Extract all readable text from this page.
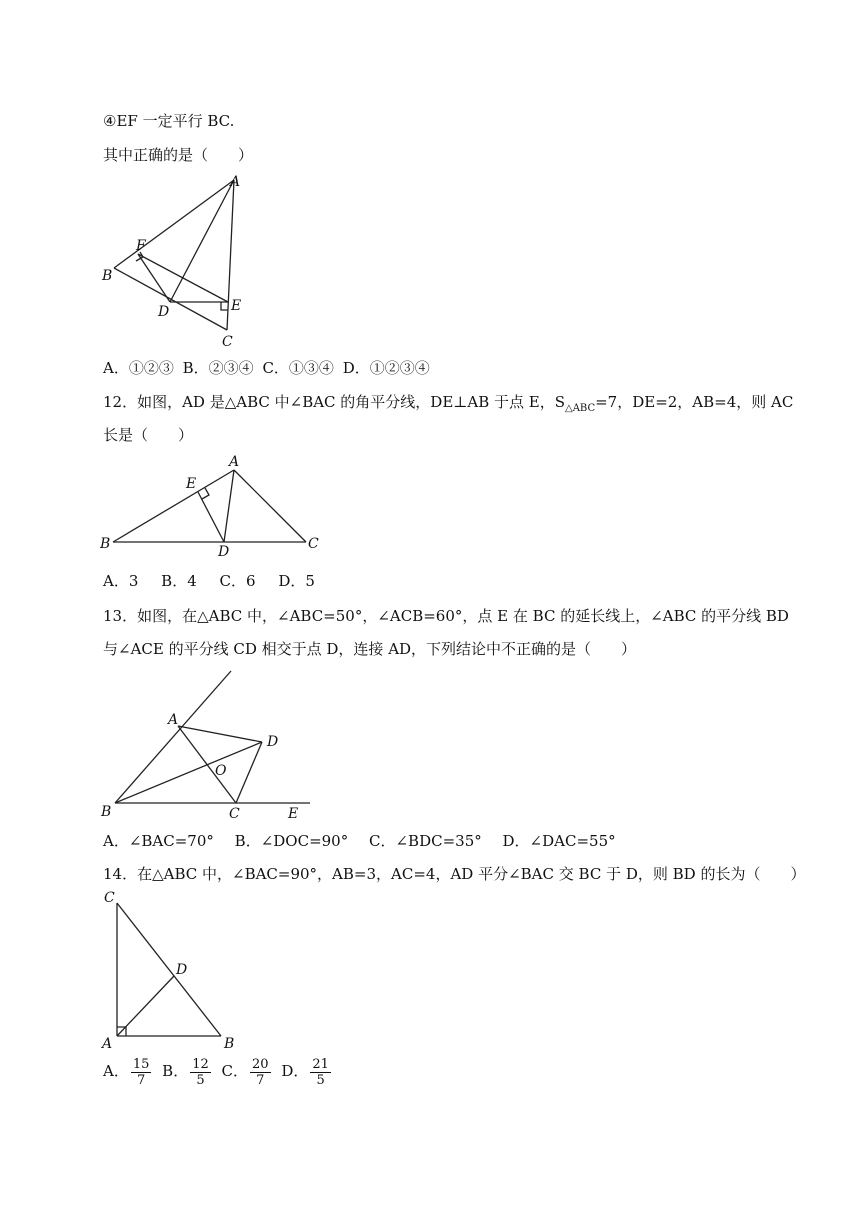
④EF 一定平行 BC.
其中正确的是（　　）
A
F
B
D	E
C
A．①②③ B．②③④ C．①③④ D．①②③④
12．如图，AD 是△ABC 中∠BAC 的角平分线，DE⊥AB 于点 E，$S_{\triangle ABC}=7$，DE=2，AB=4，则 AC
长是（　　）
A
E
B	D	C
A．3 B．4 C．6 D．5
13．如图，在△ABC 中，∠ABC=50°，∠ACB=60°，点 E 在 BC 的延长线上，∠ABC 的平分线 BD
与∠ACE 的平分线 CD 相交于点 D，连接 AD，下列结论中不正确的是（　　）
A
D
O
B	C	E
A．∠BAC=70° B．∠DOC=90° C．∠BDC=35° D．∠DAC=55°
14．在△ABC 中，∠BAC=90°，AB=3，AC=4，AD 平分∠BAC 交 BC 于 D，则 BD 的长为（　　）
C
D
A	B
A． $\frac{15}{7}$ B． $\frac{12}{5}$ C． $\frac{20}{7}$ D． $\frac{21}{5}$
